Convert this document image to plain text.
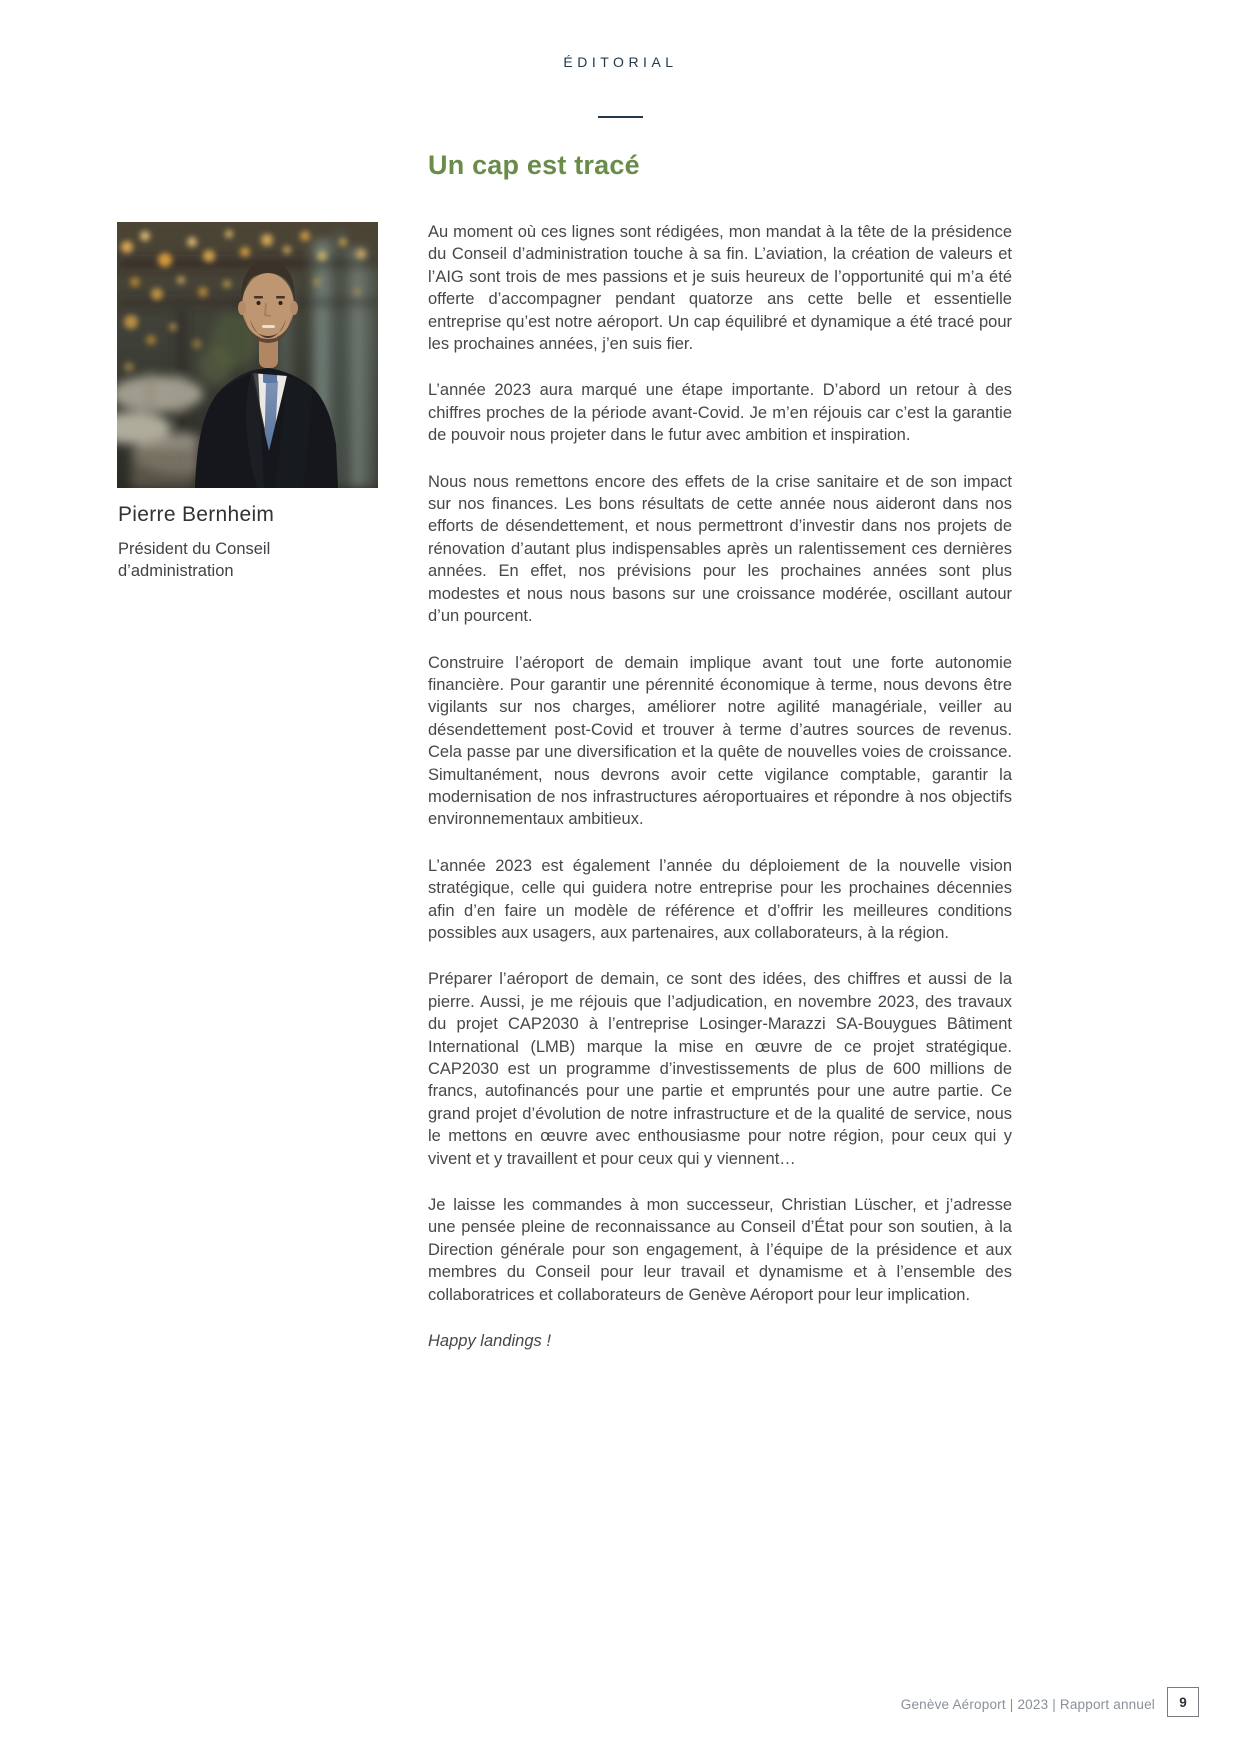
ÉDITORIAL
Un cap est tracé
Pierre Bernheim
Président du Conseil d’administration

Au moment où ces lignes sont rédigées, mon mandat à la tête de la présidence du Conseil d’administration touche à sa fin. L’aviation, la création de valeurs et l’AIG sont trois de mes passions et je suis heureux de l’opportunité qui m’a été offerte d’accompagner pendant quatorze ans cette belle et essentielle entreprise qu’est notre aéroport. Un cap équilibré et dynamique a été tracé pour les prochaines années, j’en suis fier.

L’année 2023 aura marqué une étape importante. D’abord un retour à des chiffres proches de la période avant-Covid. Je m’en réjouis car c’est la garantie de pouvoir nous projeter dans le futur avec ambition et inspiration.

Nous nous remettons encore des effets de la crise sanitaire et de son impact sur nos finances. Les bons résultats de cette année nous aideront dans nos efforts de désendettement, et nous permettront d’investir dans nos projets de rénovation d’autant plus indispensables après un ralentissement ces dernières années. En effet, nos prévisions pour les prochaines années sont plus modestes et nous nous basons sur une croissance modérée, oscillant autour d’un pourcent.

Construire l’aéroport de demain implique avant tout une forte autonomie financière. Pour garantir une pérennité économique à terme, nous devons être vigilants sur nos charges, améliorer notre agilité managériale, veiller au désendettement post-Covid et trouver à terme d’autres sources de revenus. Cela passe par une diversification et la quête de nouvelles voies de croissance. Simultanément, nous devrons avoir cette vigilance comptable, garantir la modernisation de nos infrastructures aéroportuaires et répondre à nos objectifs environnementaux ambitieux.

L’année 2023 est également l’année du déploiement de la nouvelle vision stratégique, celle qui guidera notre entreprise pour les prochaines décennies afin d’en faire un modèle de référence et d’offrir les meilleures conditions possibles aux usagers, aux partenaires, aux collaborateurs, à la région.

Préparer l’aéroport de demain, ce sont des idées, des chiffres et aussi de la pierre. Aussi, je me réjouis que l’adjudication, en novembre 2023, des travaux du projet CAP2030 à l’entreprise Losinger-Marazzi SA-Bouygues Bâtiment International (LMB) marque la mise en œuvre de ce projet stratégique. CAP2030 est un programme d’investissements de plus de 600 millions de francs, autofinancés pour une partie et empruntés pour une autre partie. Ce grand projet d’évolution de notre infrastructure et de la qualité de service, nous le mettons en œuvre avec enthousiasme pour notre région, pour ceux qui y vivent et y travaillent et pour ceux qui y viennent…

Je laisse les commandes à mon successeur, Christian Lüscher, et j’adresse une pensée pleine de reconnaissance au Conseil d’État pour son soutien, à la Direction générale pour son engagement, à l’équipe de la présidence et aux membres du Conseil pour leur travail et dynamisme et à l’ensemble des collaboratrices et collaborateurs de Genève Aéroport pour leur implication.

Happy landings !

Genève Aéroport | 2023 | Rapport annuel	9
